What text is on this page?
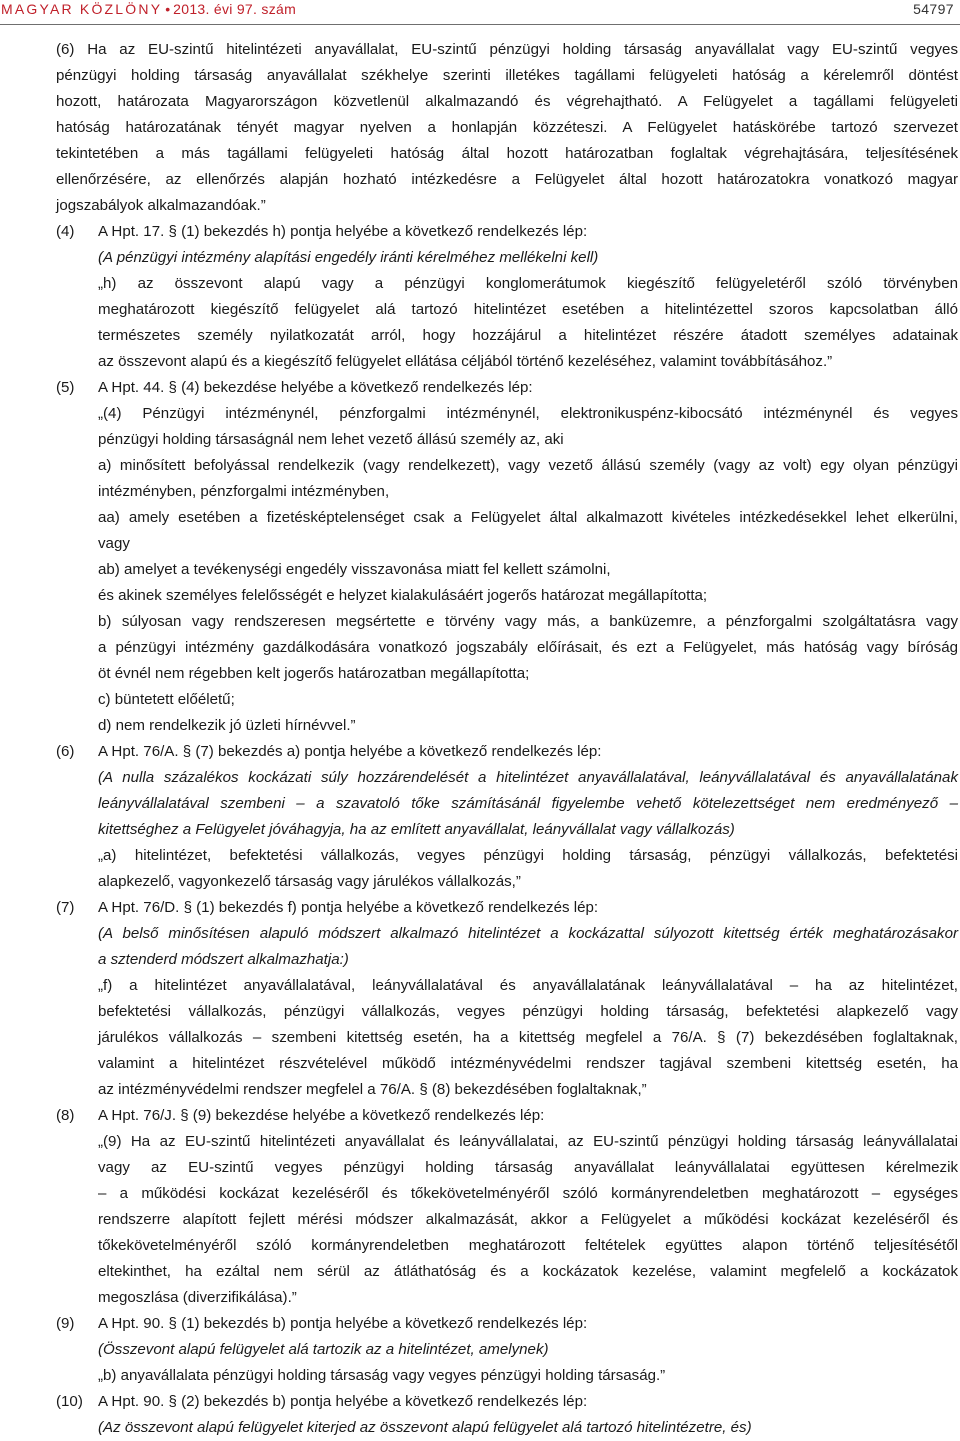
MAGYAR KÖZLÖNY • 2013. évi 97. szám	54797
(6) Ha az EU-szintű hitelintézeti anyavállalat, EU-szintű pénzügyi holding társaság anyavállalat vagy EU-szintű vegyes
pénzügyi holding társaság anyavállalat székhelye szerinti illetékes tagállami felügyeleti hatóság a kérelemről döntést
hozott, határozata Magyarországon közvetlenül alkalmazandó és végrehajtható. A Felügyelet a tagállami felügyeleti
hatóság határozatának tényét magyar nyelven a honlapján közzéteszi. A Felügyelet hatáskörébe tartozó szervezet
tekintetében a más tagállami felügyeleti hatóság által hozott határozatban foglaltak végrehajtására, teljesítésének
ellenőrzésére, az ellenőrzés alapján hozható intézkedésre a Felügyelet által hozott határozatokra vonatkozó magyar
jogszabályok alkalmazandóak.”
(4)	A Hpt. 17. § (1) bekezdés h) pontja helyébe a következő rendelkezés lép:
(A pénzügyi intézmény alapítási engedély iránti kérelméhez mellékelni kell)
„h) az összevont alapú vagy a pénzügyi konglomerátumok kiegészítő felügyeletéről szóló törvényben
meghatározott kiegészítő felügyelet alá tartozó hitelintézet esetében a hitelintézettel szoros kapcsolatban álló
természetes személy nyilatkozatát arról, hogy hozzájárul a hitelintézet részére átadott személyes adatainak
az összevont alapú és a kiegészítő felügyelet ellátása céljából történő kezeléséhez, valamint továbbításához.”
(5)	A Hpt. 44. § (4) bekezdése helyébe a következő rendelkezés lép:
„(4) Pénzügyi intézménynél, pénzforgalmi intézménynél, elektronikuspénz-kibocsátó intézménynél és vegyes
pénzügyi holding társaságnál nem lehet vezető állású személy az, aki
a) minősített befolyással rendelkezik (vagy rendelkezett), vagy vezető állású személy (vagy az volt) egy olyan pénzügyi
intézményben, pénzforgalmi intézményben,
aa) amely esetében a fizetésképtelenséget csak a Felügyelet által alkalmazott kivételes intézkedésekkel lehet elkerülni,
vagy
ab) amelyet a tevékenységi engedély visszavonása miatt fel kellett számolni,
és akinek személyes felelősségét e helyzet kialakulásáért jogerős határozat megállapította;
b) súlyosan vagy rendszeresen megsértette e törvény vagy más, a banküzemre, a pénzforgalmi szolgáltatásra vagy
a pénzügyi intézmény gazdálkodására vonatkozó jogszabály előírásait, és ezt a Felügyelet, más hatóság vagy bíróság
öt évnél nem régebben kelt jogerős határozatban megállapította;
c) büntetett előéletű;
d) nem rendelkezik jó üzleti hírnévvel.”
(6)	A Hpt. 76/A. § (7) bekezdés a) pontja helyébe a következő rendelkezés lép:
(A nulla százalékos kockázati súly hozzárendelését a hitelintézet anyavállalatával, leányvállalatával és anyavállalatának
leányvállalatával szembeni – a szavatoló tőke számításánál figyelembe vehető kötelezettséget nem eredményező –
kitettséghez a Felügyelet jóváhagyja, ha az említett anyavállalat, leányvállalat vagy vállalkozás)
„a) hitelintézet, befektetési vállalkozás, vegyes pénzügyi holding társaság, pénzügyi vállalkozás, befektetési
alapkezelő, vagyonkezelő társaság vagy járulékos vállalkozás,”
(7)	A Hpt. 76/D. § (1) bekezdés f) pontja helyébe a következő rendelkezés lép:
(A belső minősítésen alapuló módszert alkalmazó hitelintézet a kockázattal súlyozott kitettség érték meghatározásakor
a sztenderd módszert alkalmazhatja:)
„f) a hitelintézet anyavállalatával, leányvállalatával és anyavállalatának leányvállalatával – ha az hitelintézet,
befektetési vállalkozás, pénzügyi vállalkozás, vegyes pénzügyi holding társaság, befektetési alapkezelő vagy
járulékos vállalkozás – szembeni kitettség esetén, ha a kitettség megfelel a 76/A. § (7) bekezdésében foglaltaknak,
valamint a hitelintézet részvételével működő intézményvédelmi rendszer tagjával szembeni kitettség esetén, ha
az intézményvédelmi rendszer megfelel a 76/A. § (8) bekezdésében foglaltaknak,”
(8)	A Hpt. 76/J. § (9) bekezdése helyébe a következő rendelkezés lép:
„(9) Ha az EU-szintű hitelintézeti anyavállalat és leányvállalatai, az EU-szintű pénzügyi holding társaság leányvállalatai
vagy az EU-szintű vegyes pénzügyi holding társaság anyavállalat leányvállalatai együttesen kérelmezik
– a működési kockázat kezeléséről és tőkekövetelményéről szóló kormányrendeletben meghatározott – egységes
rendszerre alapított fejlett mérési módszer alkalmazását, akkor a Felügyelet a működési kockázat kezeléséről és
tőkekövetelményéről szóló kormányrendeletben meghatározott feltételek együttes alapon történő teljesítésétől
eltekinthet, ha ezáltal nem sérül az átláthatóság és a kockázatok kezelése, valamint megfelelő a kockázatok
megoszlása (diverzifikálása).”
(9)	A Hpt. 90. § (1) bekezdés b) pontja helyébe a következő rendelkezés lép:
(Összevont alapú felügyelet alá tartozik az a hitelintézet, amelynek)
„b) anyavállalata pénzügyi holding társaság vagy vegyes pénzügyi holding társaság.”
(10)	A Hpt. 90. § (2) bekezdés b) pontja helyébe a következő rendelkezés lép:
(Az összevont alapú felügyelet kiterjed az összevont alapú felügyelet alá tartozó hitelintézetre, és)
